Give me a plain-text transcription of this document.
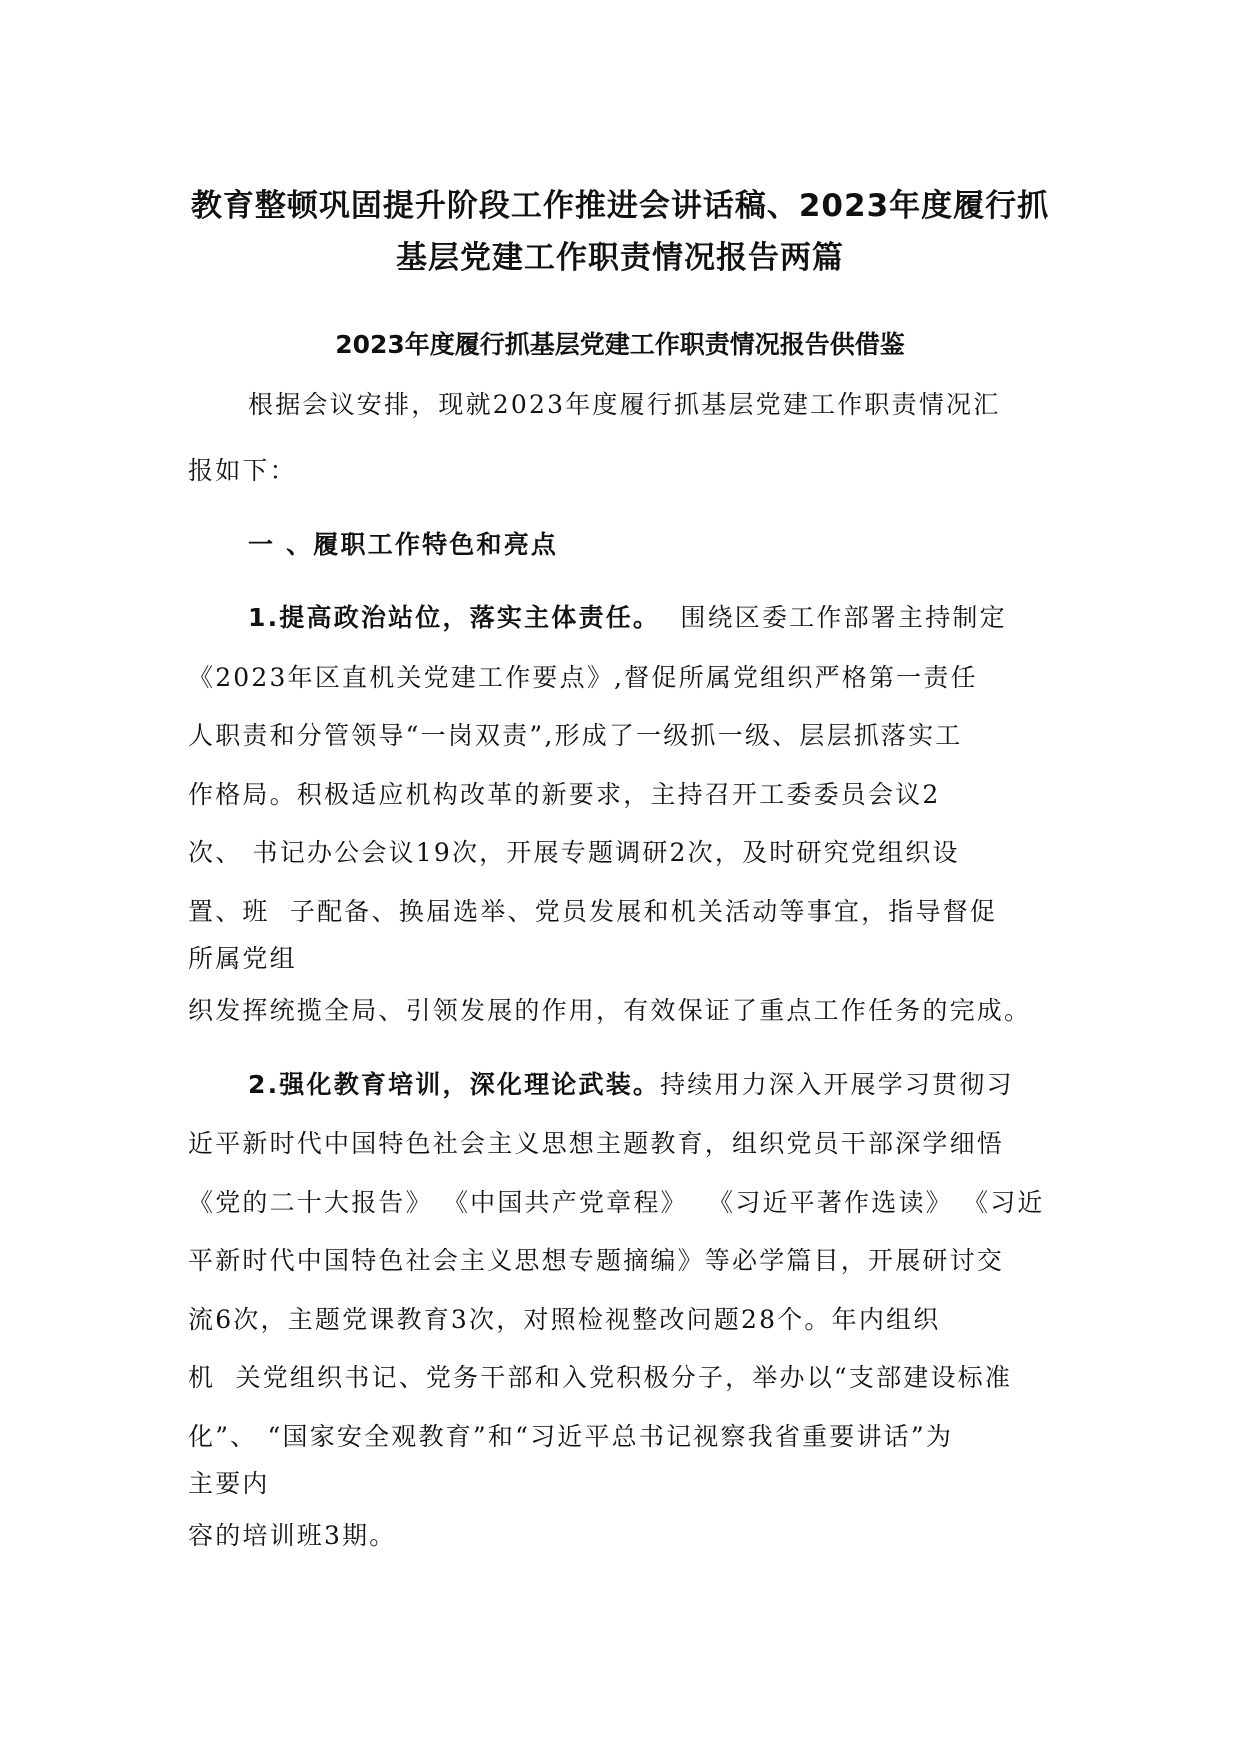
教育整顿巩固提升阶段工作推进会讲话稿、2023年度履行抓
基层党建工作职责情况报告两篇
2023年度履行抓基层党建工作职责情况报告供借鉴

根据会议安排，现就2023年度履行抓基层党建工作职责情况汇

报如下：

一 、履职工作特色和亮点

1.提高政治站位，落实主体责任。  围绕区委工作部署主持制定

《2023年区直机关党建工作要点》,督促所属党组织严格第一责任

人职责和分管领导“一岗双责”,形成了一级抓一级、层层抓落实工

作格局。积极适应机构改革的新要求，主持召开工委委员会议2

次、 书记办公会议19次，开展专题调研2次，及时研究党组织设

置、班  子配备、换届选举、党员发展和机关活动等事宜，指导督促

所属党组

织发挥统揽全局、引领发展的作用，有效保证了重点工作任务的完成。

2.强化教育培训，深化理论武装。持续用力深入开展学习贯彻习

近平新时代中国特色社会主义思想主题教育，组织党员干部深学细悟

《党的二十大报告》 《中国共产党章程》  《习近平著作选读》 《习近

平新时代中国特色社会主义思想专题摘编》等必学篇目，开展研讨交

流6次，主题党课教育3次，对照检视整改问题28个。年内组织

机  关党组织书记、党务干部和入党积极分子，举办以“支部建设标准

化”、 “国家安全观教育”和“习近平总书记视察我省重要讲话”为

主要内

容的培训班3期。
